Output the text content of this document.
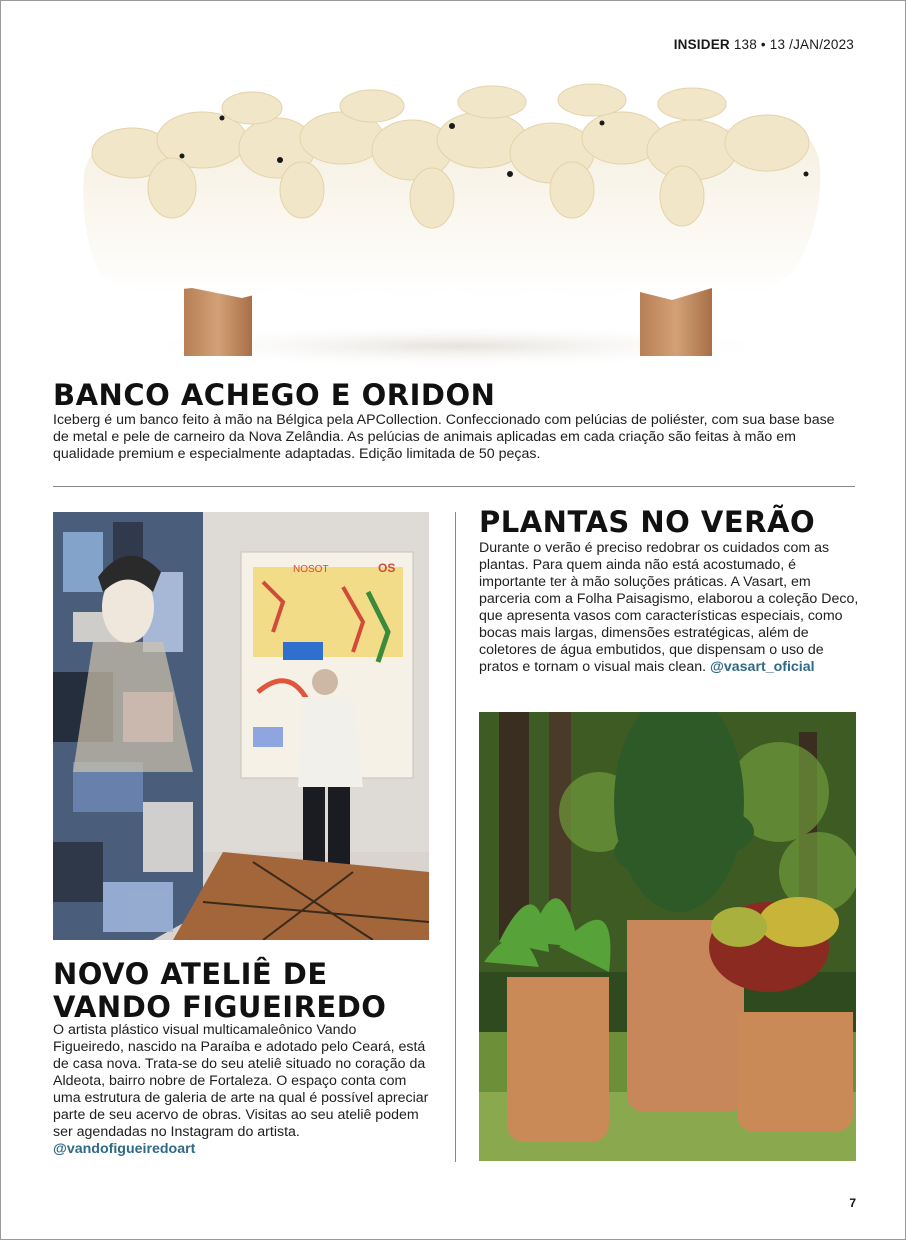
INSIDER 138 • 13 /JAN/2023
BANCO ACHEGO E ORIDON

Iceberg é um banco feito à mão na Bélgica pela APCollection. Confeccionado com pelúcias de poliéster, com sua base base de metal e pele de carneiro da Nova Zelândia. As pelúcias de animais aplicadas em cada criação são feitas à mão em qualidade premium e especialmente adaptadas. Edição limitada de 50 peças.

NOSOT	OS
NOVO ATELIÊ DE
VANDO FIGUEIREDO

O artista plástico visual multicamaleônico Vando Figueiredo, nascido na Paraíba e adotado pelo Ceará, está de casa nova. Trata-se do seu ateliê situado no coração da Aldeota, bairro nobre de Fortaleza. O espaço conta com uma estrutura de galeria de arte na qual é possível apreciar parte de seu acervo de obras. Visitas ao seu ateliê podem ser agendadas no Instagram do artista.
@vandofigueiredoart

PLANTAS NO VERÃO

Durante o verão é preciso redobrar os cuidados com as plantas. Para quem ainda não está acostumado, é importante ter à mão soluções práticas. A Vasart, em parceria com a Folha Paisagismo, elaborou a coleção Deco, que apresenta vasos com características especiais, como bocas mais largas, dimensões estratégicas, além de coletores de água embutidos, que dispensam o uso de pratos e tornam o visual mais clean. @vasart_oficial

7
